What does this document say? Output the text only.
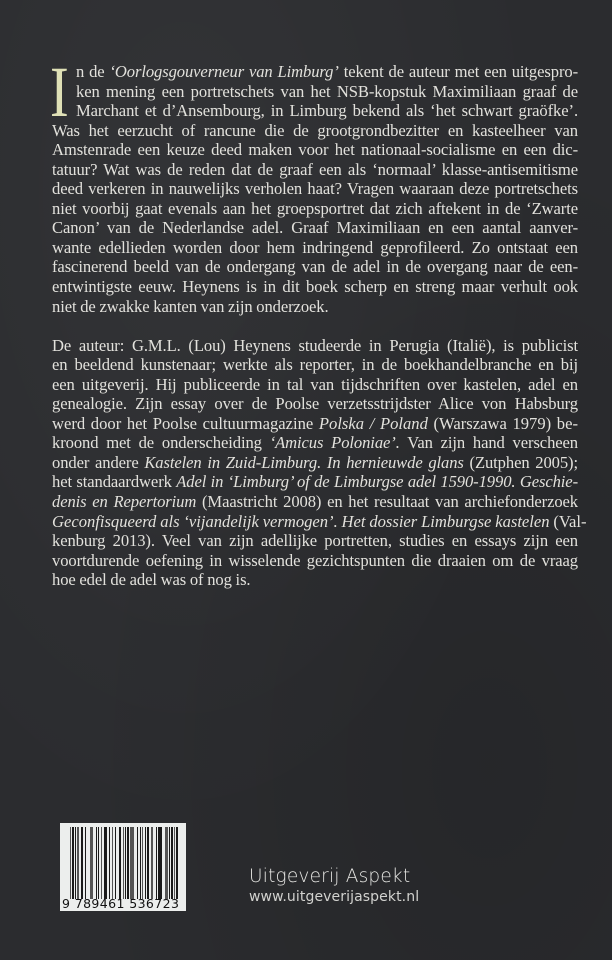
I n de ‘Oorlogsgouverneur van Limburg’ tekent de auteur met een uitgespro-
ken mening een portretschets van het NSB-kopstuk Maximiliaan graaf de
Marchant et d’Ansembourg, in Limburg bekend als ‘het schwart graöfke’.
Was het eerzucht of rancune die de grootgrondbezitter en kasteelheer van
Amstenrade een keuze deed maken voor het nationaal-socialisme en een dic-
tatuur? Wat was de reden dat de graaf een als ‘normaal’ klasse-antisemitisme
deed verkeren in nauwelijks verholen haat? Vragen waaraan deze portretschets
niet voorbij gaat evenals aan het groepsportret dat zich aftekent in de ‘Zwarte
Canon’ van de Nederlandse adel. Graaf Maximiliaan en een aantal aanver-
wante edellieden worden door hem indringend geprofileerd. Zo ontstaat een
fascinerend beeld van de ondergang van de adel in de overgang naar de een-
entwintigste eeuw. Heynens is in dit boek scherp en streng maar verhult ook
niet de zwakke kanten van zijn onderzoek.
De auteur: G.M.L. (Lou) Heynens studeerde in Perugia (Italië), is publicist
en beeldend kunstenaar; werkte als reporter, in de boekhandelbranche en bij
een uitgeverij. Hij publiceerde in tal van tijdschriften over kastelen, adel en
genealogie. Zijn essay over de Poolse verzetsstrijdster Alice von Habsburg
werd door het Poolse cultuurmagazine Polska / Poland (Warszawa 1979) be-
kroond met de onderscheiding ‘Amicus Poloniae’. Van zijn hand verscheen
onder andere Kastelen in Zuid-Limburg. In hernieuwde glans (Zutphen 2005);
het standaardwerk Adel in ‘Limburg’ of de Limburgse adel 1590-1990. Geschie-
denis en Repertorium (Maastricht 2008) en het resultaat van archiefonderzoek
Geconfisqueerd als ‘vijandelijk vermogen’. Het dossier Limburgse kastelen (Val-
kenburg 2013). Veel van zijn adellijke portretten, studies en essays zijn een
voortdurende oefening in wisselende gezichtspunten die draaien om de vraag
hoe edel de adel was of nog is.
9 789461 536723
Uitgeverij Aspekt
www.uitgeverijaspekt.nl
